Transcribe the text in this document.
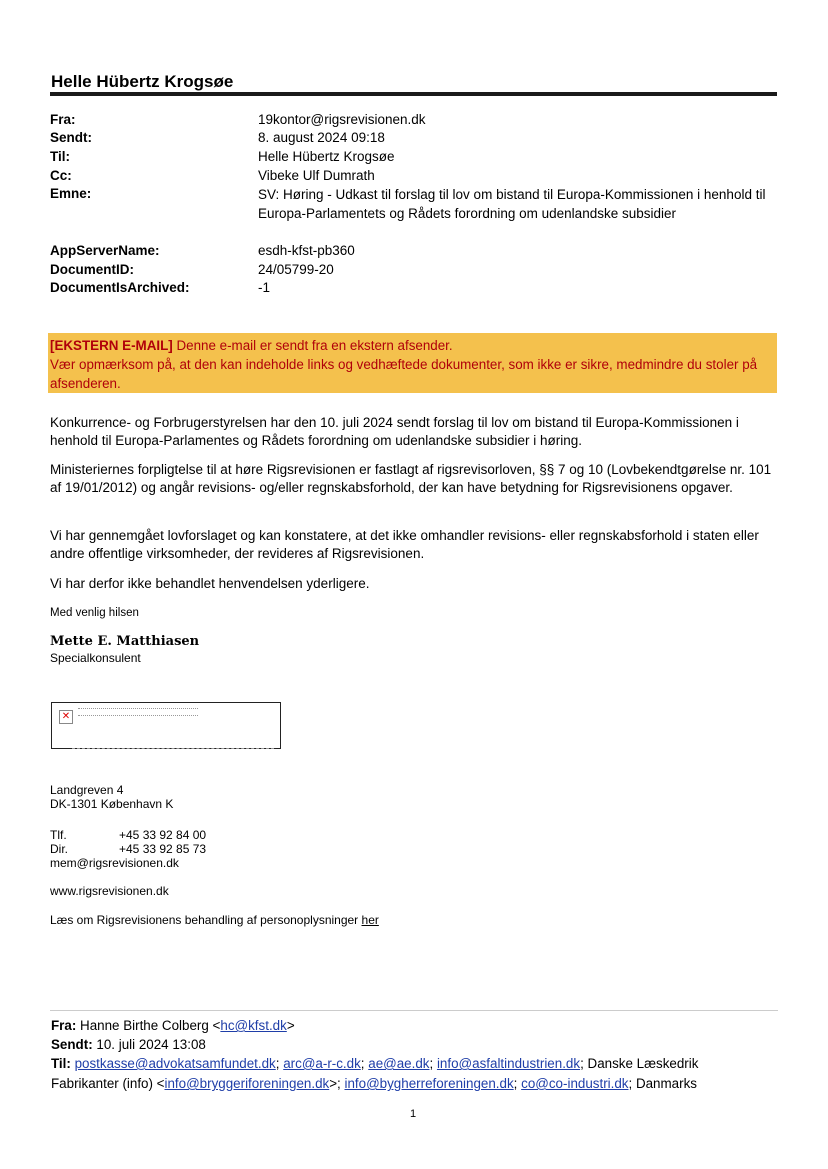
Helle Hübertz Krogsøe
Fra:	19kontor@rigsrevisionen.dk
Sendt:	8. august 2024 09:18
Til:	Helle Hübertz Krogsøe
Cc:	Vibeke Ulf Dumrath
Emne:	SV: Høring - Udkast til forslag til lov om bistand til Europa-Kommissionen i henhold til Europa-Parlamentets og Rådets forordning om udenlandske subsidier
AppServerName:	esdh-kfst-pb360
DocumentID:	24/05799-20
DocumentIsArchived:	-1
[EKSTERN E-MAIL] Denne e-mail er sendt fra en ekstern afsender.
Vær opmærksom på, at den kan indeholde links og vedhæftede dokumenter, som ikke er sikre, medmindre du stoler på afsenderen.
Konkurrence- og Forbrugerstyrelsen har den 10. juli 2024 sendt forslag til lov om bistand til Europa-Kommissionen i henhold til Europa-Parlamentes og Rådets forordning om udenlandske subsidier i høring.
Ministeriernes forpligtelse til at høre Rigsrevisionen er fastlagt af rigsrevisorloven, §§ 7 og 10 (Lovbekendtgørelse nr. 101 af 19/01/2012) og angår revisions- og/eller regnskabsforhold, der kan have betydning for Rigsrevisionens opgaver.
Vi har gennemgået lovforslaget og kan konstatere, at det ikke omhandler revisions- eller regnskabsforhold i staten eller andre offentlige virksomheder, der revideres af Rigsrevisionen.
Vi har derfor ikke behandlet henvendelsen yderligere.
Med venlig hilsen
Mette E. Matthiasen
Specialkonsulent
✕
Landgreven 4
DK-1301 København K
Tlf.	+45 33 92 84 00
Dir.	+45 33 92 85 73
mem@rigsrevisionen.dk
www.rigsrevisionen.dk
Læs om Rigsrevisionens behandling af personoplysninger her
Fra: Hanne Birthe Colberg <hc@kfst.dk>
Sendt: 10. juli 2024 13:08
Til: postkasse@advokatsamfundet.dk; arc@a-r-c.dk; ae@ae.dk; info@asfaltindustrien.dk; Danske Læskedrik
Fabrikanter (info) <info@bryggeriforeningen.dk>; info@bygherreforeningen.dk; co@co-industri.dk; Danmarks
1
